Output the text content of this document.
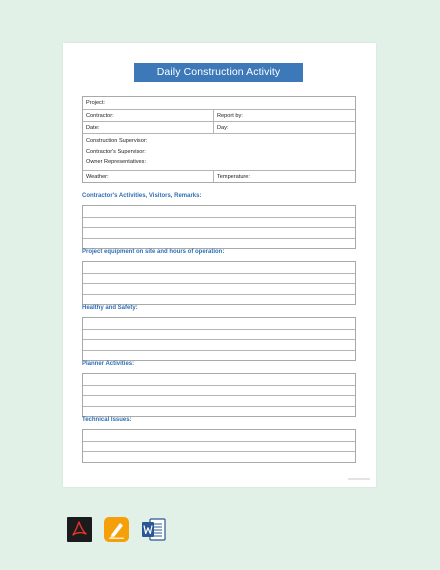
Daily Construction Activity
Project:
Contractor:	Report by:
Date:	Day:
Construction Supervisor:
Contractor's Supervisor:
Owner Representatives:
Weather:	Temperature:
Contractor's Activities, Visitors, Remarks:
Project equipment on site and hours of operation:
Healthy and Safety:
Planner Activities:
Technical Issues:
